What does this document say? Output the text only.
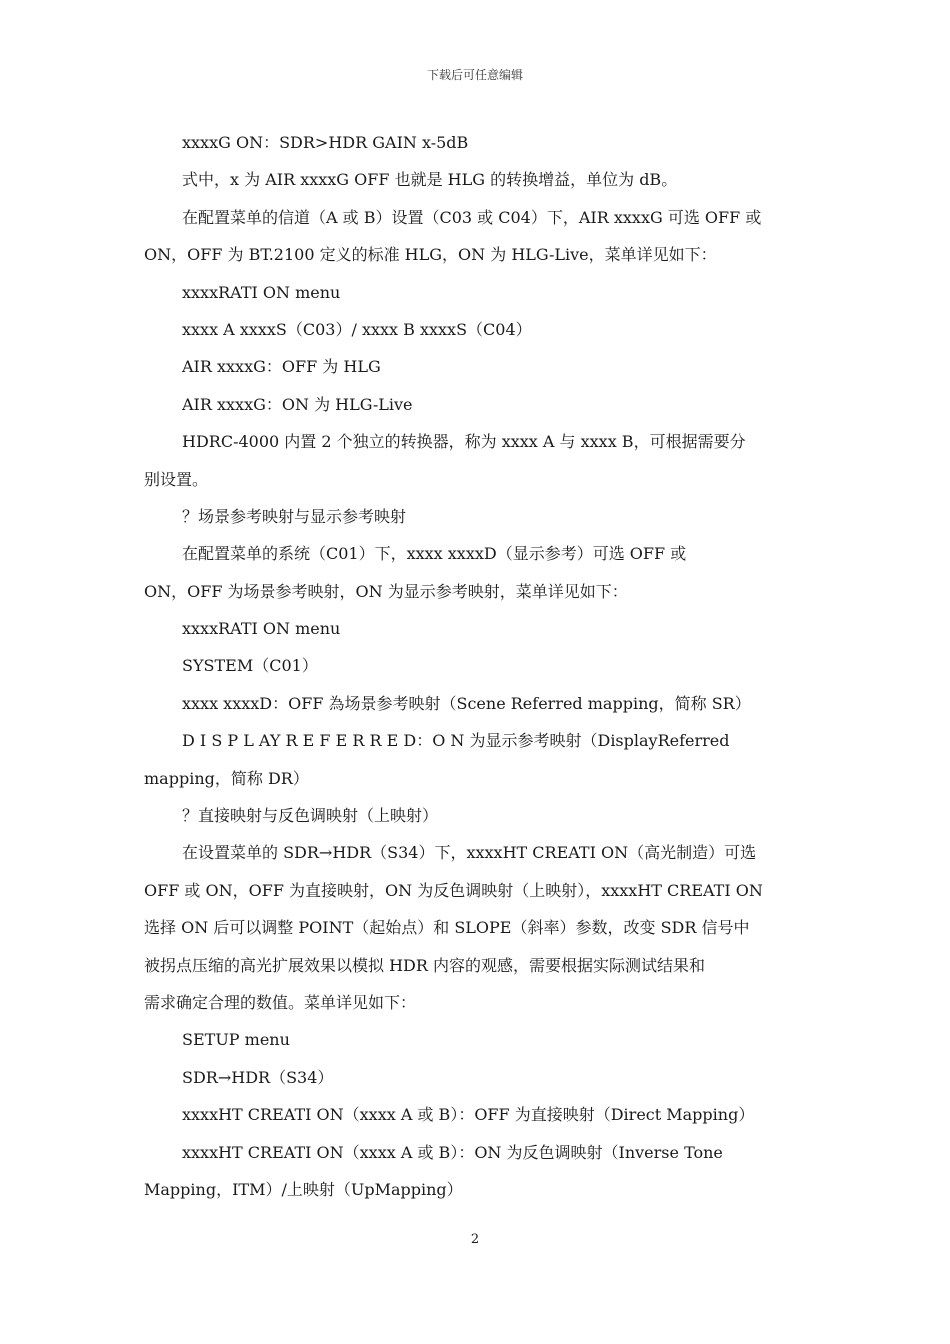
下载后可任意编辑
xxxxG ON：SDR>HDR GAIN x-5dB
式中，x 为 AIR xxxxG OFF 也就是 HLG 的转换增益，单位为 dB。
在配置菜单的信道（A 或 B）设置（C03 或 C04）下，AIR xxxxG 可选 OFF 或
ON，OFF 为 BT.2100 定义的标准 HLG，ON 为 HLG-Live，菜单详见如下：
xxxxRATI ON menu
xxxx A xxxxS（C03）/ xxxx B xxxxS（C04）
AIR xxxxG：OFF 为 HLG
AIR xxxxG：ON 为 HLG-Live
HDRC-4000 内置 2 个独立的转换器，称为 xxxx A 与 xxxx B，可根据需要分
别设置。
？场景参考映射与显示参考映射
在配置菜单的系统（C01）下，xxxx xxxxD（显示参考）可选 OFF 或
ON，OFF 为场景参考映射，ON 为显示参考映射，菜单详见如下：
xxxxRATI ON menu
SYSTEM（C01）
xxxx xxxxD：OFF 為场景参考映射（Scene Referred mapping，简称 SR）
D I S P L AY R E F E R R E D：O N 为显示参考映射（DisplayReferred
mapping，简称 DR）
？直接映射与反色调映射（上映射）
在设置菜单的 SDR→HDR（S34）下，xxxxHT CREATI ON（高光制造）可选
OFF 或 ON，OFF 为直接映射，ON 为反色调映射（上映射），xxxxHT CREATI ON
选择 ON 后可以调整 POINT（起始点）和 SLOPE（斜率）参数，改变 SDR 信号中
被拐点压缩的高光扩展效果以模拟 HDR 内容的观感，需要根据实际测试结果和
需求确定合理的数值。菜单详见如下：
SETUP menu
SDR→HDR（S34）
xxxxHT CREATI ON（xxxx A 或 B）：OFF 为直接映射（Direct Mapping）
xxxxHT CREATI ON（xxxx A 或 B）：ON 为反色调映射（Inverse Tone
Mapping，ITM）/上映射（UpMapping）
2
